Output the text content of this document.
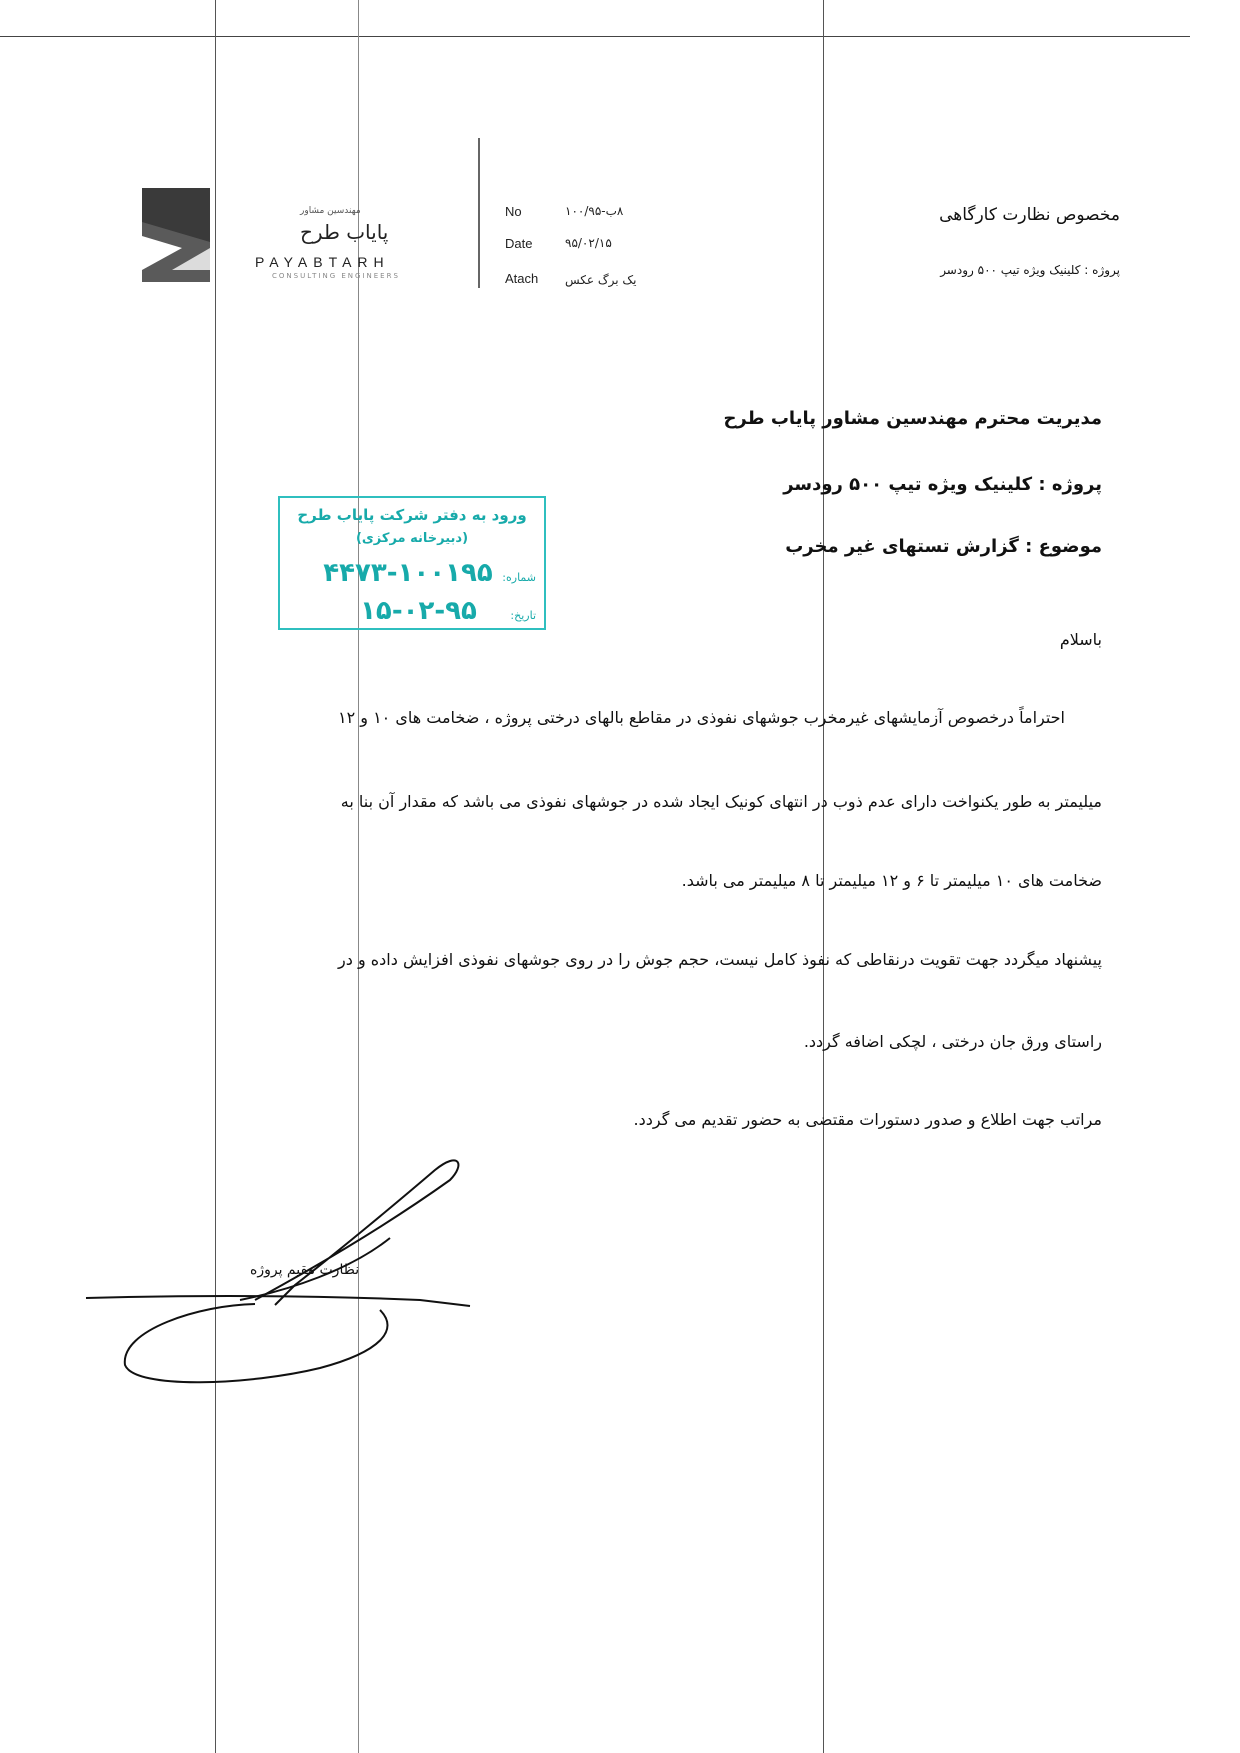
مهندسین مشاور
پایاب طرح
PAYABTARH
CONSULTING ENGINEERS
No	۸ب-۱۰۰/۹۵
Date	۹۵/۰۲/۱۵
Atach یک برگ عکس
مخصوص نظارت کارگاهی
پروژه : کلینیک ویژه تیپ ۵۰۰ رودسر
مدیریت محترم مهندسین مشاور پایاب طرح
پروژه : کلینیک ویژه تیپ ۵۰۰ رودسر
موضوع : گزارش تستهای غیر مخرب
ورود به دفتر شرکت پایاب طرح
(دبیرخانه مرکزی)
شماره: ۱۰۰۱۹۵-۴۴۷۳
تاریخ: ۹۵-۰۲-۱۵
باسلام
احتراماً درخصوص آزمایشهای غیرمخرب جوشهای نفوذی در مقاطع بالهای درختی پروژه ، ضخامت های ۱۰ و ۱۲
میلیمتر به طور یکنواخت دارای عدم ذوب در انتهای کونیک ایجاد شده در جوشهای نفوذی می باشد که مقدار آن بنا به
ضخامت های ۱۰ میلیمتر تا ۶ و ۱۲ میلیمتر تا ۸ میلیمتر می باشد.
پیشنهاد میگردد جهت تقویت درنقاطی که نفوذ کامل نیست، حجم جوش را در روی جوشهای نفوذی افزایش داده و در
راستای ورق جان درختی ، لچکی اضافه گردد.
مراتب جهت اطلاع و صدور دستورات مقتضی به حضور تقدیم می گردد.
نظارت مقیم پروژه
